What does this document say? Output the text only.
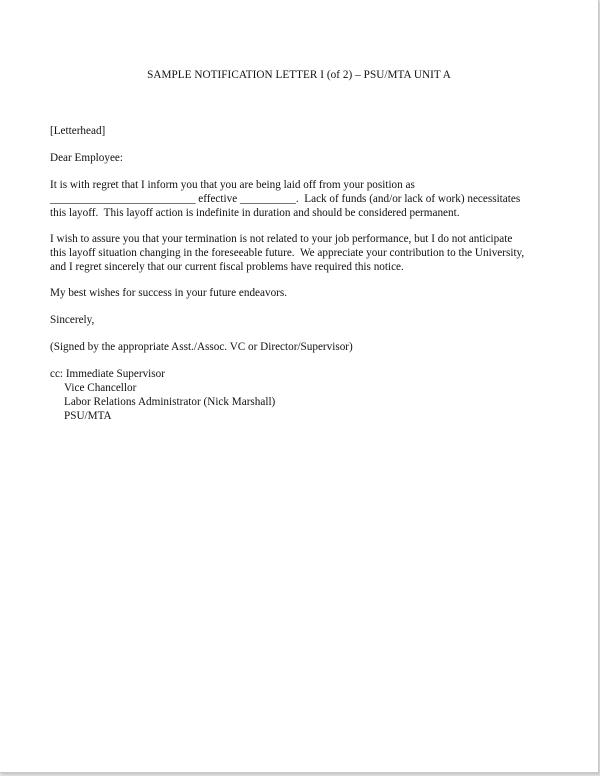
SAMPLE NOTIFICATION LETTER I (of 2) – PSU/MTA UNIT A
[Letterhead]
Dear Employee:
It is with regret that I inform you that you are being laid off from your position as
__________________________ effective __________.  Lack of funds (and/or lack of work) necessitates
this layoff.  This layoff action is indefinite in duration and should be considered permanent.
I wish to assure you that your termination is not related to your job performance, but I do not anticipate
this layoff situation changing in the foreseeable future.  We appreciate your contribution to the University,
and I regret sincerely that our current fiscal problems have required this notice.
My best wishes for success in your future endeavors.
Sincerely,
(Signed by the appropriate Asst./Assoc. VC or Director/Supervisor)
cc: Immediate Supervisor
Vice Chancellor
Labor Relations Administrator (Nick Marshall)
PSU/MTA
